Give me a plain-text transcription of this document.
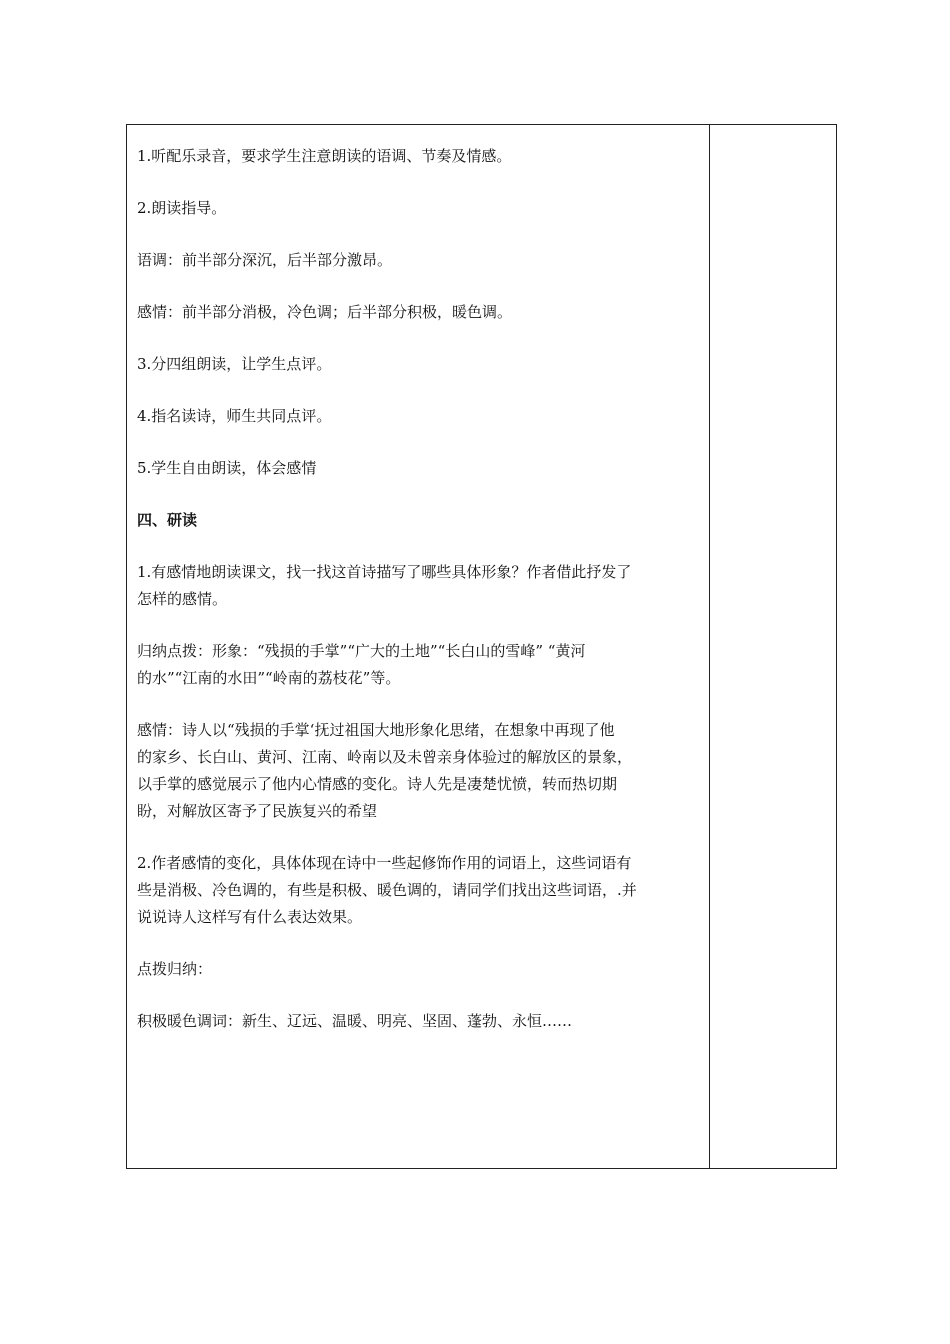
1.听配乐录音，要求学生注意朗读的语调、节奏及情感。
2.朗读指导。
语调：前半部分深沉，后半部分激昂。
感情：前半部分消极，冷色调；后半部分积极，暖色调。
3.分四组朗读，让学生点评。
4.指名读诗，师生共同点评。
5.学生自由朗读，体会感情
四、研读
1.有感情地朗读课文，找一找这首诗描写了哪些具体形象？作者借此抒发了
怎样的感情。
归纳点拨：形象：“残损的手掌”“广大的土地”“长白山的雪峰” “黄河
的水”“江南的水田”“岭南的荔枝花”等。
感情：诗人以“残损的手掌‘抚过祖国大地形象化思绪，在想象中再现了他
的家乡、长白山、黄河、江南、岭南以及未曾亲身体验过的解放区的景象，
以手掌的感觉展示了他内心情感的变化。诗人先是凄楚忧愤，转而热切期
盼，对解放区寄予了民族复兴的希望
2.作者感情的变化，具体体现在诗中一些起修饰作用的词语上，这些词语有
些是消极、冷色调的，有些是积极、暖色调的，请同学们找出这些词语，.并
说说诗人这样写有什么表达效果。
点拨归纳：
积极暖色调词：新生、辽远、温暖、明亮、坚固、蓬勃、永恒……
